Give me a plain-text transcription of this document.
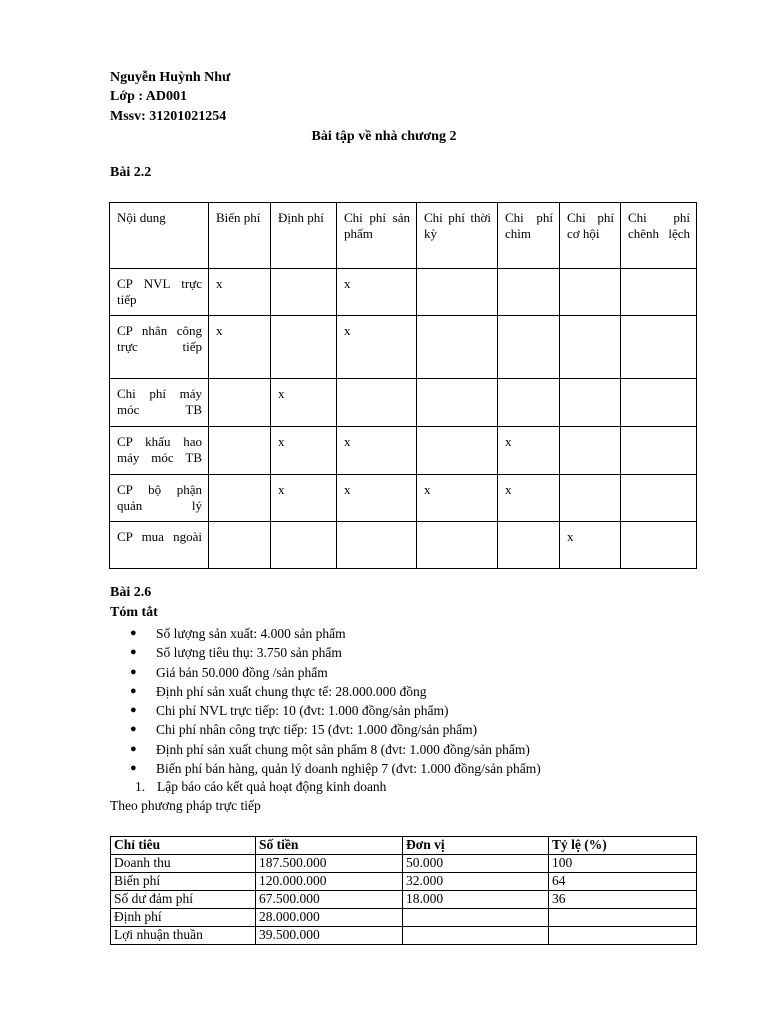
Nguyễn Huỳnh Như
Lớp : AD001
Mssv: 31201021254
Bài tập về nhà chương 2
Bài 2.2
Nội dung	Biến phí	Định phí	Chi phí sản phẩm	Chi phí thời kỳ	Chi phí chìm	Chi phí cơ hội	Chi phí chênh lệch
CP NVL trực tiếp	x		x				
CP nhân công trực tiếp	x		x				
Chi phí máy móc TB		x					
CP khấu hao máy móc TB		x	x		x		
CP bộ phận quản lý		x	x	x	x		
CP mua ngoài						x	
Bài 2.6
Tóm tắt
● Số lượng sản xuất: 4.000 sản phẩm
● Số lượng tiêu thụ: 3.750 sản phẩm
● Giá bán 50.000 đồng /sản phẩm
● Định phí sản xuất chung thực tế: 28.000.000 đồng
● Chi phí NVL trực tiếp: 10 (đvt: 1.000 đồng/sản phẩm)
● Chi phí nhân công trực tiếp: 15 (đvt: 1.000 đồng/sản phẩm)
● Định phí sản xuất chung một sản phẩm 8 (đvt: 1.000 đồng/sản phẩm)
● Biến phí bán hàng, quản lý doanh nghiệp 7 (đvt: 1.000 đồng/sản phẩm)
1. Lập báo cáo kết quả hoạt động kinh doanh
Theo phương pháp trực tiếp
Chỉ tiêu	Số tiền	Đơn vị	Tỷ lệ (%)
Doanh thu	187.500.000	50.000	100
Biến phí	120.000.000	32.000	64
Số dư đảm phí	67.500.000	18.000	36
Định phí	28.000.000		
Lợi nhuận thuần	39.500.000		
